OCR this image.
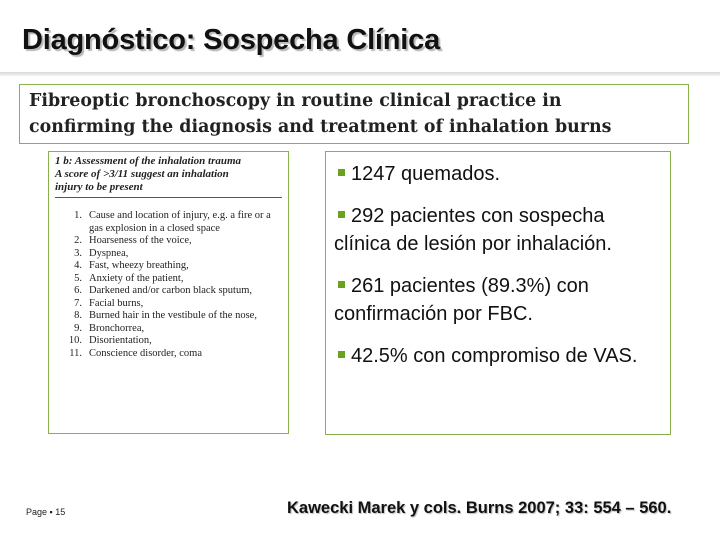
Diagnóstico: Sospecha Clínica
Fibreoptic bronchoscopy in routine clinical practice in
confirming the diagnosis and treatment of inhalation burns
1 b: Assessment of the inhalation trauma
A score of >3/11 suggest an inhalation
injury to be present
1. Cause and location of injury, e.g. a fire or a gas explosion in a closed space
2. Hoarseness of the voice,
3. Dyspnea,
4. Fast, wheezy breathing,
5. Anxiety of the patient,
6. Darkened and/or carbon black sputum,
7. Facial burns,
8. Burned hair in the vestibule of the nose,
9. Bronchorrea,
10. Disorientation,
11. Conscience disorder, coma

1247 quemados.

292 pacientes con sospecha clínica de lesión por inhalación.

261 pacientes (89.3%) con confirmación por FBC.

42.5% con compromiso de VAS.

Page ▪ 15	Kawecki Marek y cols. Burns 2007; 33: 554 – 560.
